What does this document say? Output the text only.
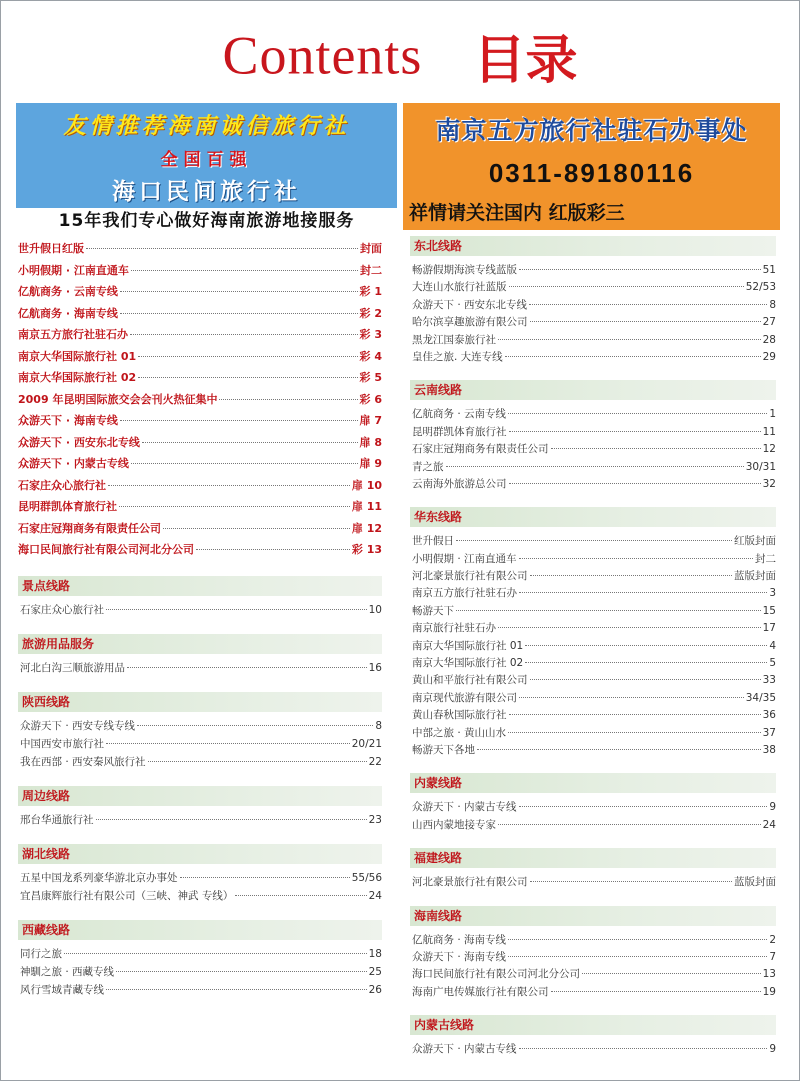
Contents 目录
友情推荐海南诚信旅行社
全国百强
海口民间旅行社
15年我们专心做好海南旅游地接服务
南京五方旅行社驻石办事处
0311-89180116
祥情请关注国内 红版彩三
世升假日红版	封面
小明假期 · 江南直通车	封二
亿航商务 · 云南专线	彩 1
亿航商务 · 海南专线	彩 2
南京五方旅行社驻石办	彩 3
南京大华国际旅行社 01	彩 4
南京大华国际旅行社 02	彩 5
2009 年昆明国际旅交会会刊火热征集中	彩 6
众游天下 · 海南专线	扉 7
众游天下 · 西安东北专线	扉 8
众游天下 · 内蒙古专线	扉 9
石家庄众心旅行社	扉 10
昆明群凯体育旅行社	扉 11
石家庄冠翔商务有限责任公司	扉 12
海口民间旅行社有限公司河北分公司	彩 13
景点线路
石家庄众心旅行社	10
旅游用品服务
河北白沟三顺旅游用品	16
陕西线路
众游天下 · 西安专线专线	8
中国西安市旅行社	20/21
我在西部 · 西安秦风旅行社	22
周边线路
邢台华通旅行社	23
湖北线路
五星中国龙系列豪华游北京办事处	55/56
宜昌康辉旅行社有限公司（三峡、神武 专线）	24
西藏线路
同行之旅	18
神馴之旅 · 西藏专线	25
风行雪域青藏专线	26
东北线路
畅游假期海滨专线蓝版	51
大连山水旅行社蓝版	52/53
众游天下 · 西安东北专线	8
哈尔滨享趣旅游有限公司	27
黑龙江国泰旅行社	28
皇佳之旅. 大连专线	29
云南线路
亿航商务 · 云南专线	1
昆明群凯体育旅行社	11
石家庄冠翔商务有限责任公司	12
青之旅	30/31
云南海外旅游总公司	32
华东线路
世升假日	红版封面
小明假期 · 江南直通车	封二
河北豪景旅行社有限公司	蓝版封面
南京五方旅行社驻石办	3
畅游天下	15
南京旅行社驻石办	17
南京大华国际旅行社 01	4
南京大华国际旅行社 02	5
黄山和平旅行社有限公司	33
南京现代旅游有限公司	34/35
黄山春秋国际旅行社	36
中部之旅 · 黄山山水	37
畅游天下各地	38
内蒙线路
众游天下 · 内蒙古专线	9
山西内蒙地接专家	24
福建线路
河北豪景旅行社有限公司	蓝版封面
海南线路
亿航商务 · 海南专线	2
众游天下 · 海南专线	7
海口民间旅行社有限公司河北分公司	13
海南广电传媒旅行社有限公司	19
内蒙古线路
众游天下 · 内蒙古专线	9
